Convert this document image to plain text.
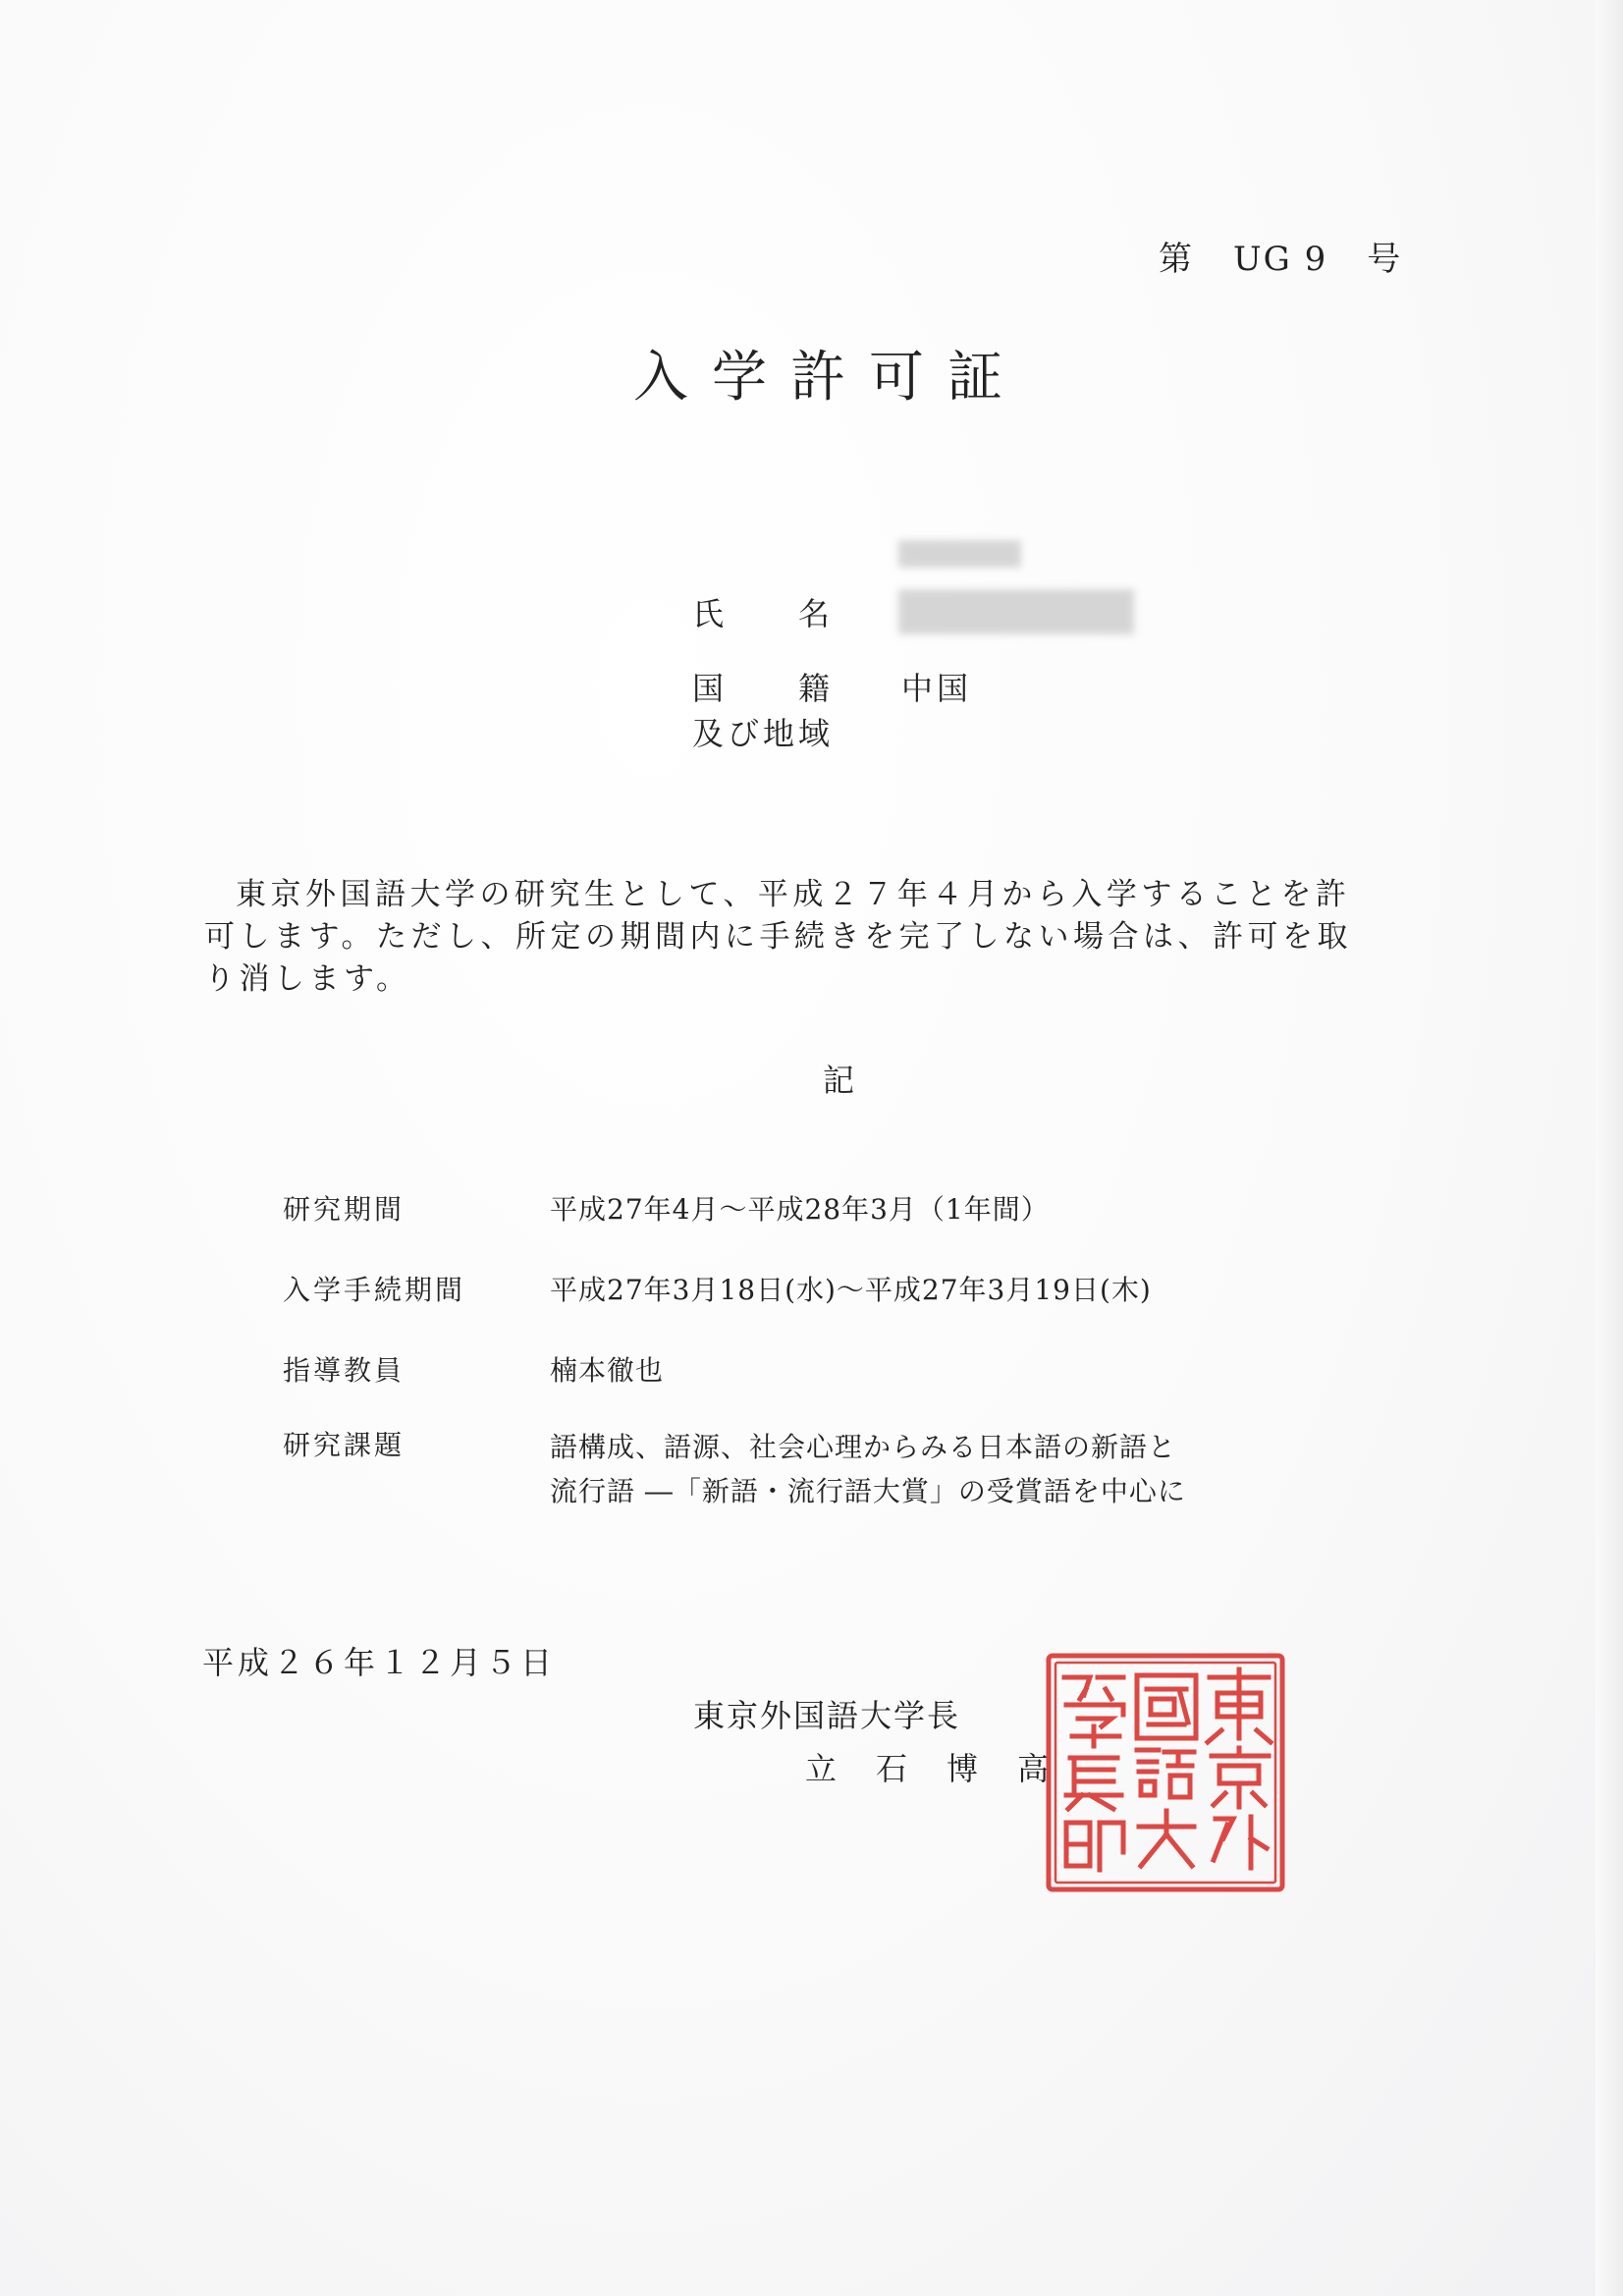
第 UG 9 号
入学許可証
氏　名
国　籍 中国
及び地域
東京外国語大学の研究生として、平成２７年４月から入学することを許可します。ただし、所定の期間内に手続きを完了しない場合は、許可を取り消します。
記
研究期間	平成27年4月～平成28年3月（1年間）
入学手続期間	平成27年3月18日(水)～平成27年3月19日(木)
指導教員	楠本徹也
研究課題	語構成、語源、社会心理からみる日本語の新語と
流行語 ―「新語・流行語大賞」の受賞語を中心に
平成２６年１２月５日
東京外国語大学長
立石博高
